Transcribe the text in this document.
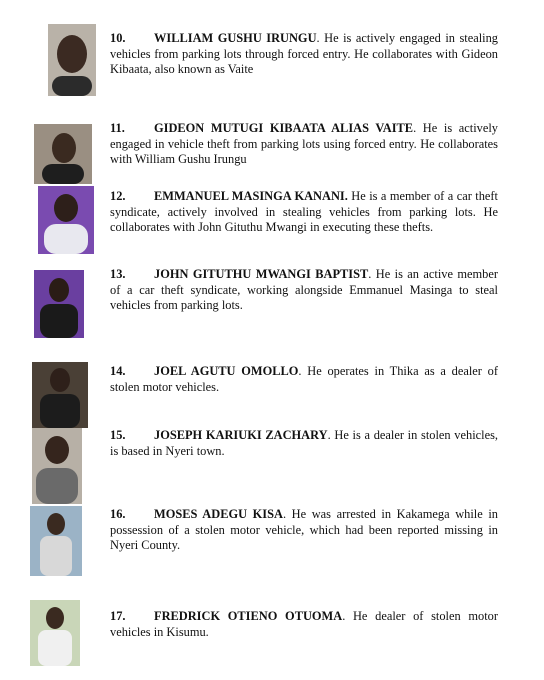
10. WILLIAM GUSHU IRUNGU. He is actively engaged in stealing vehicles from parking lots through forced entry. He collaborates with Gideon Kibaata, also known as Vaite
11. GIDEON MUTUGI KIBAATA ALIAS VAITE. He is actively engaged in vehicle theft from parking lots using forced entry. He collaborates with William Gushu Irungu
12. EMMANUEL MASINGA KANANI. He is a member of a car theft syndicate, actively involved in stealing vehicles from parking lots. He collaborates with John Gituthu Mwangi in executing these thefts.
13. JOHN GITUTHU MWANGI BAPTIST. He is an active member of a car theft syndicate, working alongside Emmanuel Masinga to steal vehicles from parking lots.
14. JOEL AGUTU OMOLLO. He operates in Thika as a dealer of stolen motor vehicles.
15. JOSEPH KARIUKI ZACHARY. He is a dealer in stolen vehicles, is based in Nyeri town.
16. MOSES ADEGU KISA. He was arrested in Kakamega while in possession of a stolen motor vehicle, which had been reported missing in Nyeri County.
17. FREDRICK OTIENO OTUOMA. He dealer of stolen motor vehicles in Kisumu.
